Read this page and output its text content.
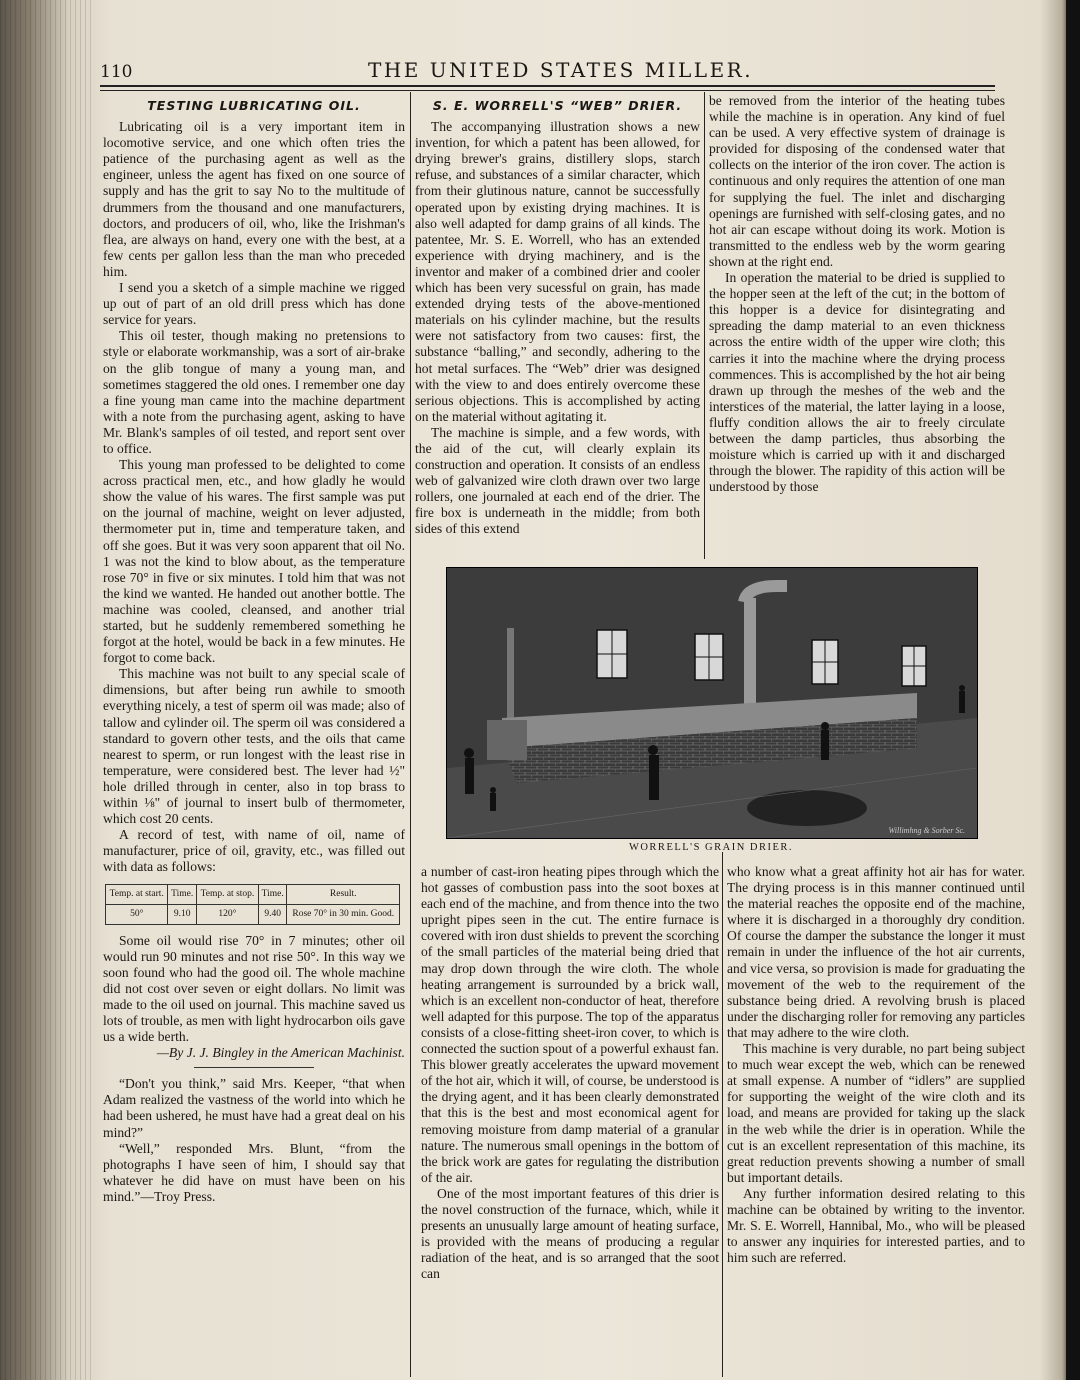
110	THE UNITED STATES MILLER.
TESTING LUBRICATING OIL.

Lubricating oil is a very important item in locomotive service, and one which often tries the patience of the purchasing agent as well as the engineer, unless the agent has fixed on one source of supply and has the grit to say No to the multitude of drummers from the thousand and one manufacturers, doctors, and producers of oil, who, like the Irishman's flea, are always on hand, every one with the best, at a few cents per gallon less than the man who preceded him.

I send you a sketch of a simple machine we rigged up out of part of an old drill press which has done service for years.

This oil tester, though making no pretensions to style or elaborate workmanship, was a sort of air-brake on the glib tongue of many a young man, and sometimes staggered the old ones. I remember one day a fine young man came into the machine department with a note from the purchasing agent, asking to have Mr. Blank's samples of oil tested, and report sent over to office.

This young man professed to be delighted to come across practical men, etc., and how gladly he would show the value of his wares. The first sample was put on the journal of machine, weight on lever adjusted, thermometer put in, time and temperature taken, and off she goes. But it was very soon apparent that oil No. 1 was not the kind to blow about, as the temperature rose 70° in five or six minutes. I told him that was not the kind we wanted. He handed out another bottle. The machine was cooled, cleansed, and another trial started, but he suddenly remembered something he forgot at the hotel, would be back in a few minutes. He forgot to come back.

This machine was not built to any special scale of dimensions, but after being run awhile to smooth everything nicely, a test of sperm oil was made; also of tallow and cylinder oil. The sperm oil was considered a standard to govern other tests, and the oils that came nearest to sperm, or run longest with the least rise in temperature, were considered best. The lever had ½" hole drilled through in center, also in top brass to within ⅛" of journal to insert bulb of thermometer, which cost 20 cents.

A record of test, with name of oil, name of manufacturer, price of oil, gravity, etc., was filled out with data as follows:

Temp. at start.	Time.	Temp. at stop.	Time.	Result.
50°	9.10	120°	9.40	Rose 70° in 30 min. Good.

Some oil would rise 70° in 7 minutes; other oil would run 90 minutes and not rise 50°. In this way we soon found who had the good oil. The whole machine did not cost over seven or eight dollars. No limit was made to the oil used on journal. This machine saved us lots of trouble, as men with light hydrocarbon oils gave us a wide berth.

—By J. J. Bingley in the American Machinist.

“Don't you think,” said Mrs. Keeper, “that when Adam realized the vastness of the world into which he had been ushered, he must have had a great deal on his mind?”

“Well,” responded Mrs. Blunt, “from the photographs I have seen of him, I should say that whatever he did have on must have been on his mind.”—Troy Press.

S. E. WORRELL'S “WEB” DRIER.

The accompanying illustration shows a new invention, for which a patent has been allowed, for drying brewer's grains, distillery slops, starch refuse, and substances of a similar character, which from their glutinous nature, cannot be successfully operated upon by existing drying machines. It is also well adapted for damp grains of all kinds. The patentee, Mr. S. E. Worrell, who has an extended experience with drying machinery, and is the inventor and maker of a combined drier and cooler which has been very sucessful on grain, has made extended drying tests of the above-mentioned materials on his cylinder machine, but the results were not satisfactory from two causes: first, the substance “balling,” and secondly, adhering to the hot metal surfaces. The “Web” drier was designed with the view to and does entirely overcome these serious objections. This is accomplished by acting on the material without agitating it.

The machine is simple, and a few words, with the aid of the cut, will clearly explain its construction and operation. It consists of an endless web of galvanized wire cloth drawn over two large rollers, one journaled at each end of the drier. The fire box is underneath in the middle; from both sides of this extend

be removed from the interior of the heating tubes while the machine is in operation. Any kind of fuel can be used. A very effective system of drainage is provided for disposing of the condensed water that collects on the interior of the iron cover. The action is continuous and only requires the attention of one man for supplying the fuel. The inlet and discharging openings are furnished with self-closing gates, and no hot air can escape without doing its work. Motion is transmitted to the endless web by the worm gearing shown at the right end.

In operation the material to be dried is supplied to the hopper seen at the left of the cut; in the bottom of this hopper is a device for disintegrating and spreading the damp material to an even thickness across the entire width of the upper wire cloth; this carries it into the machine where the drying process commences. This is accomplished by the hot air being drawn up through the meshes of the web and the interstices of the material, the latter laying in a loose, fluffy condition allows the air to freely circulate between the damp particles, thus absorbing the moisture which is carried up with it and discharged through the blower. The rapidity of this action will be understood by those

Willimhng & Sorber Sc.
WORRELL'S GRAIN DRIER.

a number of cast-iron heating pipes through which the hot gasses of combustion pass into the soot boxes at each end of the machine, and from thence into the two upright pipes seen in the cut. The entire furnace is covered with iron dust shields to prevent the scorching of the small particles of the material being dried that may drop down through the wire cloth. The whole heating arrangement is surrounded by a brick wall, which is an excellent non-conductor of heat, therefore well adapted for this purpose. The top of the apparatus consists of a close-fitting sheet-iron cover, to which is connected the suction spout of a powerful exhaust fan. This blower greatly accelerates the upward movement of the hot air, which it will, of course, be understood is the drying agent, and it has been clearly demonstrated that this is the best and most economical agent for removing moisture from damp material of a granular nature. The numerous small openings in the bottom of the brick work are gates for regulating the distribution of the air.

One of the most important features of this drier is the novel construction of the furnace, which, while it presents an unusually large amount of heating surface, is provided with the means of producing a regular radiation of the heat, and is so arranged that the soot can

who know what a great affinity hot air has for water. The drying process is in this manner continued until the material reaches the opposite end of the machine, where it is discharged in a thoroughly dry condition. Of course the damper the substance the longer it must remain in under the influence of the hot air currents, and vice versa, so provision is made for graduating the movement of the web to the requirement of the substance being dried. A revolving brush is placed under the discharging roller for removing any particles that may adhere to the wire cloth.

This machine is very durable, no part being subject to much wear except the web, which can be renewed at small expense. A number of “idlers” are supplied for supporting the weight of the wire cloth and its load, and means are provided for taking up the slack in the web while the drier is in operation. While the cut is an excellent representation of this machine, its great reduction prevents showing a number of small but important details.

Any further information desired relating to this machine can be obtained by writing to the inventor. Mr. S. E. Worrell, Hannibal, Mo., who will be pleased to answer any inquiries for interested parties, and to him such are referred.
